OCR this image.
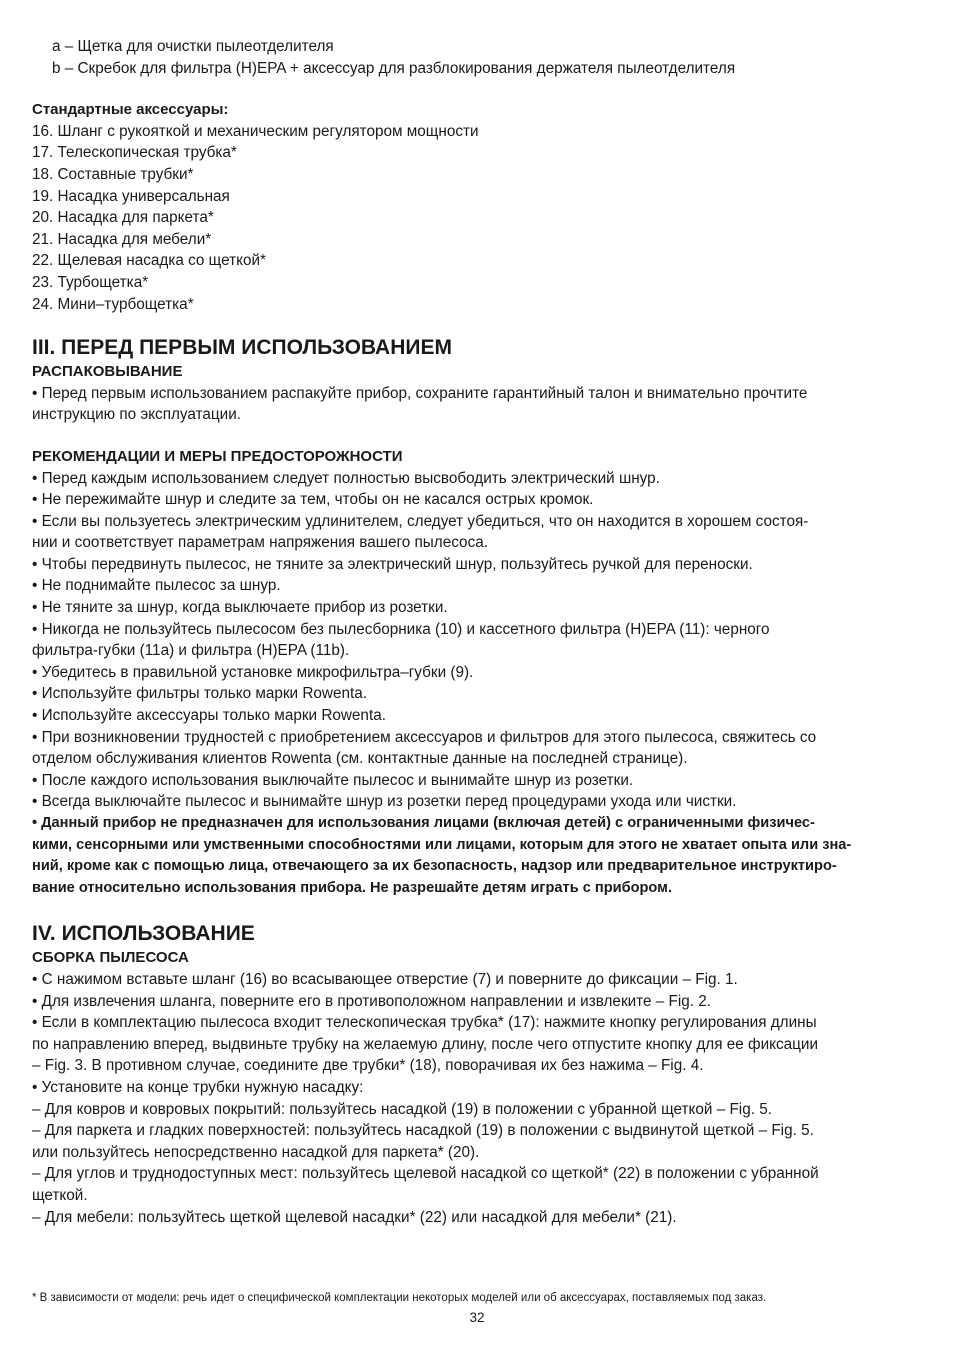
a – Щетка для очистки пылеотделителя
b – Скребок для фильтра (H)EPA + аксессуар для разблокирования держателя пылеотделителя
Стандартные аксессуары:
16. Шланг с рукояткой и механическим регулятором мощности
17. Телескопическая трубка*
18. Составные трубки*
19. Насадка универсальная
20. Насадка для паркета*
21. Насадка для мебели*
22. Щелевая насадка со щеткой*
23. Турбощетка*
24. Мини–турбощетка*
III. ПЕРЕД ПЕРВЫМ ИСПОЛЬЗОВАНИЕМ
РАСПАКОВЫВАНИЕ
• Перед первым использованием распакуйте прибор, сохраните гарантийный талон и внимательно прочтите
инструкцию по эксплуатации.
РЕКОМЕНДАЦИИ И МЕРЫ ПРЕДОСТОРОЖНОСТИ
• Перед каждым использованием следует полностью высвободить электрический шнур.
• Не пережимайте шнур и следите за тем, чтобы он не касался острых кромок.
• Если вы пользуетесь электрическим удлинителем, следует убедиться, что он находится в хорошем состоя-
нии и соответствует параметрам напряжения вашего пылесоса.
• Чтобы передвинуть пылесос, не тяните за электрический шнур, пользуйтесь ручкой для переноски.
• Не поднимайте пылесос за шнур.
• Не тяните за шнур, когда выключаете прибор из розетки.
• Никогда не пользуйтесь пылесосом без пылесборника (10) и кассетного фильтра (H)EPA (11): черного
фильтра-губки (11a) и фильтра (H)EPA (11b).
• Убедитесь в правильной установке микрофильтра–губки (9).
• Используйте фильтры только марки Rowenta.
• Используйте аксессуары только марки Rowenta.
• При возникновении трудностей с приобретением аксессуаров и фильтров для этого пылесоса, свяжитесь со
отделом обслуживания клиентов Rowenta (см. контактные данные на последней странице).
• После каждого использования выключайте пылесос и вынимайте шнур из розетки.
• Всегда выключайте пылесос и вынимайте шнур из розетки перед процедурами ухода или чистки.
• Данный прибор не предназначен для использования лицами (включая детей) с ограниченными физичес-
кими, сенсорными или умственными способностями или лицами, которым для этого не хватает опыта или зна-
ний, кроме как с помощью лица, отвечающего за их безопасность, надзор или предварительное инструктиро-
вание относительно использования прибора. Не разрешайте детям играть с прибором.
IV. ИСПОЛЬЗОВАНИЕ
СБОРКА ПЫЛЕСОСА
• С нажимом вставьте шланг (16) во всасывающее отверстие (7) и поверните до фиксации – Fig. 1.
• Для извлечения шланга, поверните его в противоположном направлении и извлеките – Fig. 2.
• Если в комплектацию пылесоса входит телескопическая трубка* (17): нажмите кнопку регулирования длины
по направлению вперед, выдвиньте трубку на желаемую длину, после чего отпустите кнопку для ее фиксации
– Fig. 3. В противном случае, соедините две трубки* (18), поворачивая их без нажима – Fig. 4.
• Установите на конце трубки нужную насадку:
– Для ковров и ковровых покрытий: пользуйтесь насадкой (19) в положении с убранной щеткой – Fig. 5.
– Для паркета и гладких поверхностей: пользуйтесь насадкой (19) в положении с выдвинутой щеткой – Fig. 5.
или пользуйтесь непосредственно насадкой для паркета* (20).
– Для углов и труднодоступных мест: пользуйтесь щелевой насадкой со щеткой* (22) в положении с убранной
щеткой.
– Для мебели: пользуйтесь щеткой щелевой насадки* (22) или насадкой для мебели* (21).
* В зависимости от модели: речь идет о специфической комплектации некоторых моделей или об аксессуарах, поставляемых под заказ.
32
